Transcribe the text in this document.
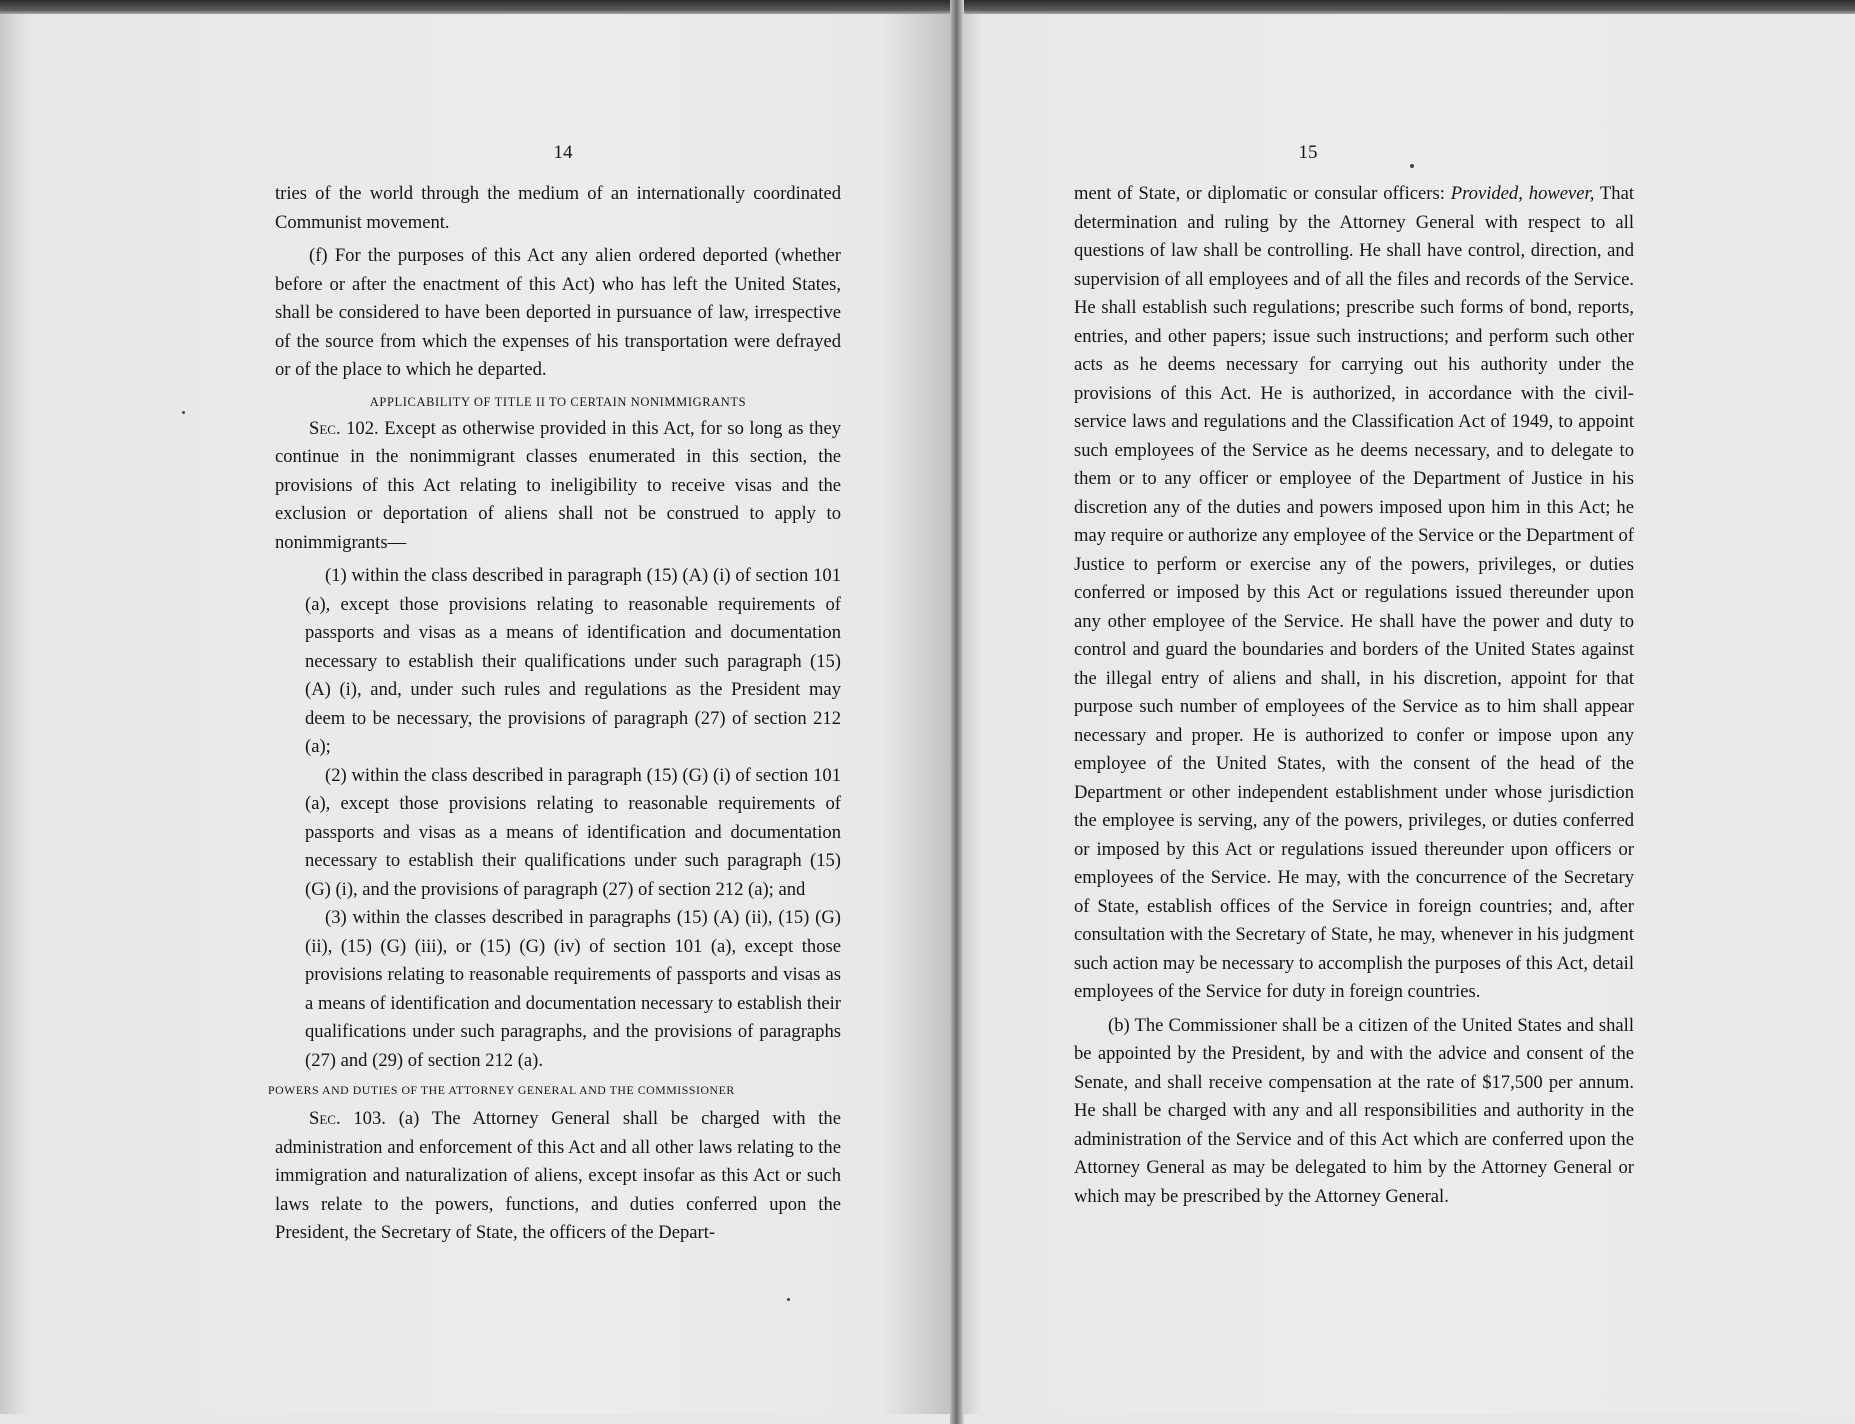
14

tries of the world through the medium of an internationally coordinated Communist movement.

(f) For the purposes of this Act any alien ordered deported (whether before or after the enactment of this Act) who has left the United States, shall be considered to have been deported in pursuance of law, irrespective of the source from which the expenses of his transportation were defrayed or of the place to which he departed.

APPLICABILITY OF TITLE II TO CERTAIN NONIMMIGRANTS

Sec. 102. Except as otherwise provided in this Act, for so long as they continue in the nonimmigrant classes enumerated in this section, the provisions of this Act relating to ineligibility to receive visas and the exclusion or deportation of aliens shall not be construed to apply to nonimmigrants—

(1) within the class described in paragraph (15) (A) (i) of section 101 (a), except those provisions relating to reasonable requirements of passports and visas as a means of identification and documentation necessary to establish their qualifications under such paragraph (15) (A) (i), and, under such rules and regulations as the President may deem to be necessary, the provisions of paragraph (27) of section 212 (a);

(2) within the class described in paragraph (15) (G) (i) of section 101 (a), except those provisions relating to reasonable requirements of passports and visas as a means of identification and documentation necessary to establish their qualifications under such paragraph (15) (G) (i), and the provisions of paragraph (27) of section 212 (a); and

(3) within the classes described in paragraphs (15) (A) (ii), (15) (G) (ii), (15) (G) (iii), or (15) (G) (iv) of section 101 (a), except those provisions relating to reasonable requirements of passports and visas as a means of identification and documentation necessary to establish their qualifications under such paragraphs, and the provisions of paragraphs (27) and (29) of section 212 (a).

POWERS AND DUTIES OF THE ATTORNEY GENERAL AND THE COMMISSIONER

Sec. 103. (a) The Attorney General shall be charged with the administration and enforcement of this Act and all other laws relating to the immigration and naturalization of aliens, except insofar as this Act or such laws relate to the powers, functions, and duties conferred upon the President, the Secretary of State, the officers of the Depart-

15

ment of State, or diplomatic or consular officers: Provided, however, That determination and ruling by the Attorney General with respect to all questions of law shall be controlling. He shall have control, direction, and supervision of all employees and of all the files and records of the Service. He shall establish such regulations; prescribe such forms of bond, reports, entries, and other papers; issue such instructions; and perform such other acts as he deems necessary for carrying out his authority under the provisions of this Act. He is authorized, in accordance with the civil-service laws and regulations and the Classification Act of 1949, to appoint such employees of the Service as he deems necessary, and to delegate to them or to any officer or employee of the Department of Justice in his discretion any of the duties and powers imposed upon him in this Act; he may require or authorize any employee of the Service or the Department of Justice to perform or exercise any of the powers, privileges, or duties conferred or imposed by this Act or regulations issued thereunder upon any other employee of the Service. He shall have the power and duty to control and guard the boundaries and borders of the United States against the illegal entry of aliens and shall, in his discretion, appoint for that purpose such number of employees of the Service as to him shall appear necessary and proper. He is authorized to confer or impose upon any employee of the United States, with the consent of the head of the Department or other independent establishment under whose jurisdiction the employee is serving, any of the powers, privileges, or duties conferred or imposed by this Act or regulations issued thereunder upon officers or employees of the Service. He may, with the concurrence of the Secretary of State, establish offices of the Service in foreign countries; and, after consultation with the Secretary of State, he may, whenever in his judgment such action may be necessary to accomplish the purposes of this Act, detail employees of the Service for duty in foreign countries.

(b) The Commissioner shall be a citizen of the United States and shall be appointed by the President, by and with the advice and consent of the Senate, and shall receive compensation at the rate of $17,500 per annum. He shall be charged with any and all responsibilities and authority in the administration of the Service and of this Act which are conferred upon the Attorney General as may be delegated to him by the Attorney General or which may be prescribed by the Attorney General.
